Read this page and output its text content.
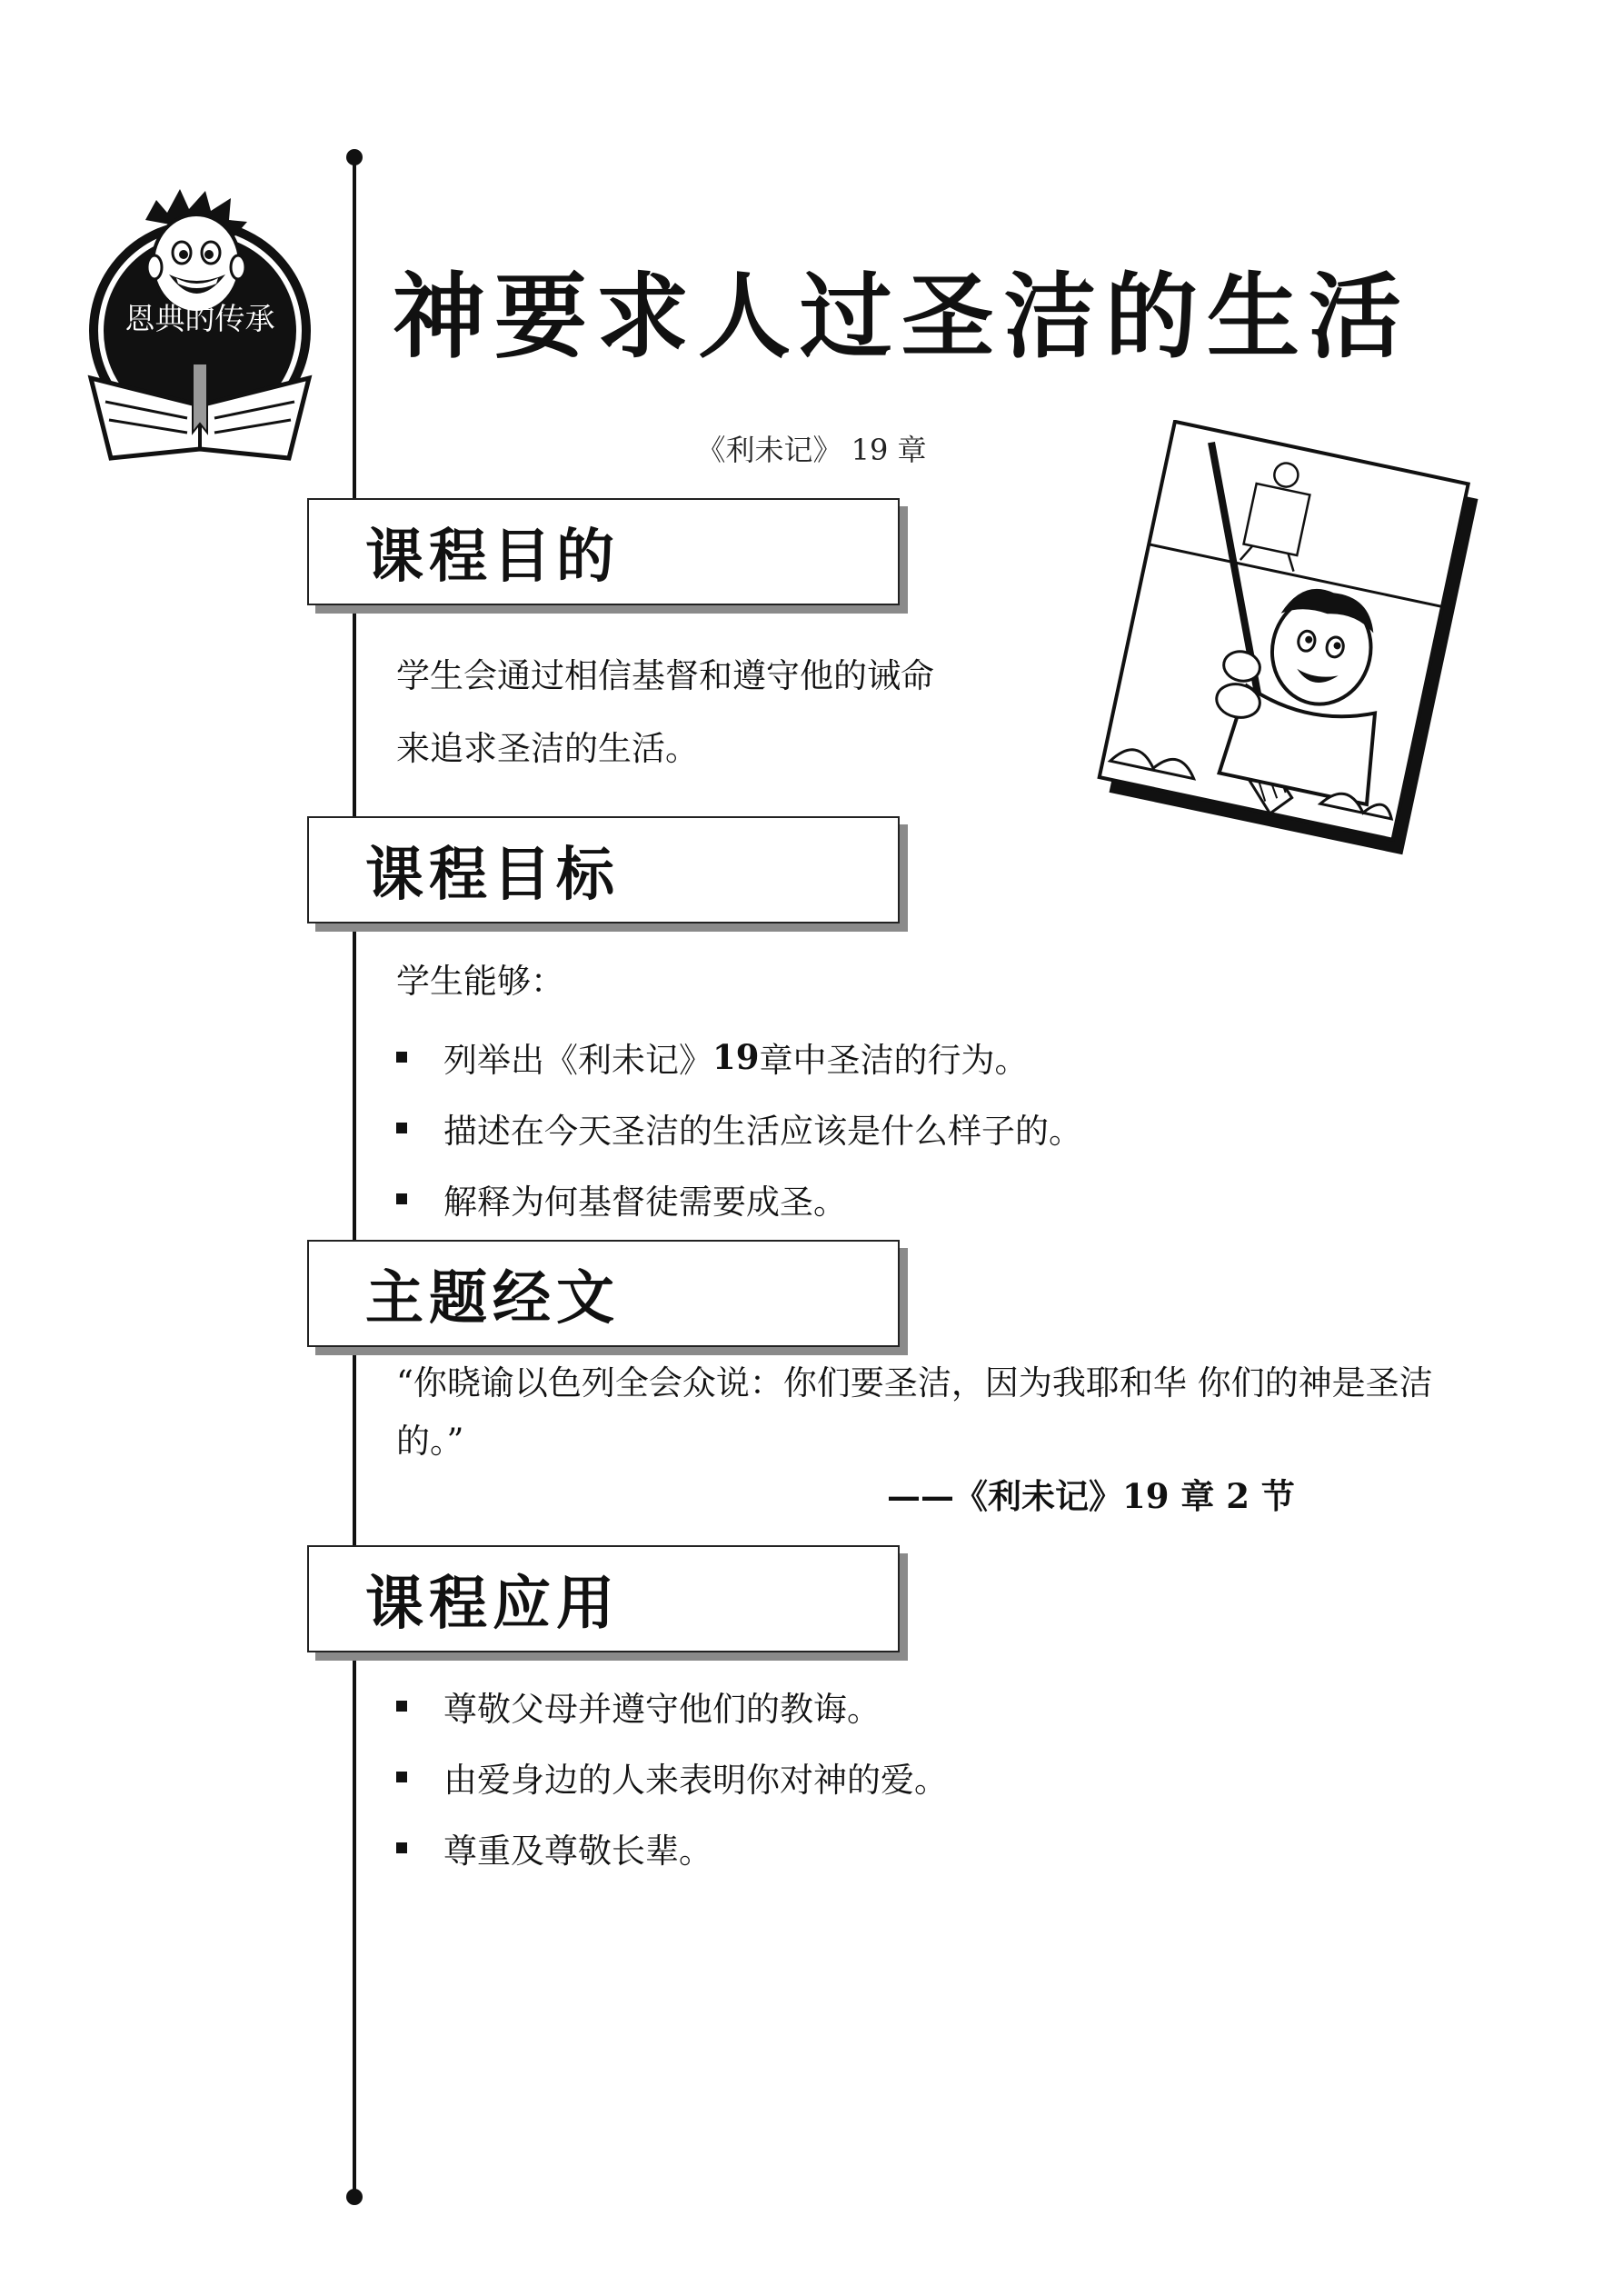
恩典的传承 神要求人过圣洁的生活
《利未记》 19 章
课程目的
学生会通过相信基督和遵守他的诫命
来追求圣洁的生活。
课程目标
学生能够：
列举出《利未记》 19 章中圣洁的行为。
描述在今天圣洁的生活应该是什么样子的。
解释为何基督徒需要成圣。
主题经文
“你晓谕以色列全会众说：你们要圣洁，因为我耶和华 你们的神是圣洁的。”
——《利未记》19 章 2 节
课程应用
尊敬父母并遵守他们的教诲。
由爱身边的人来表明你对神的爱。
尊重及尊敬长辈。
